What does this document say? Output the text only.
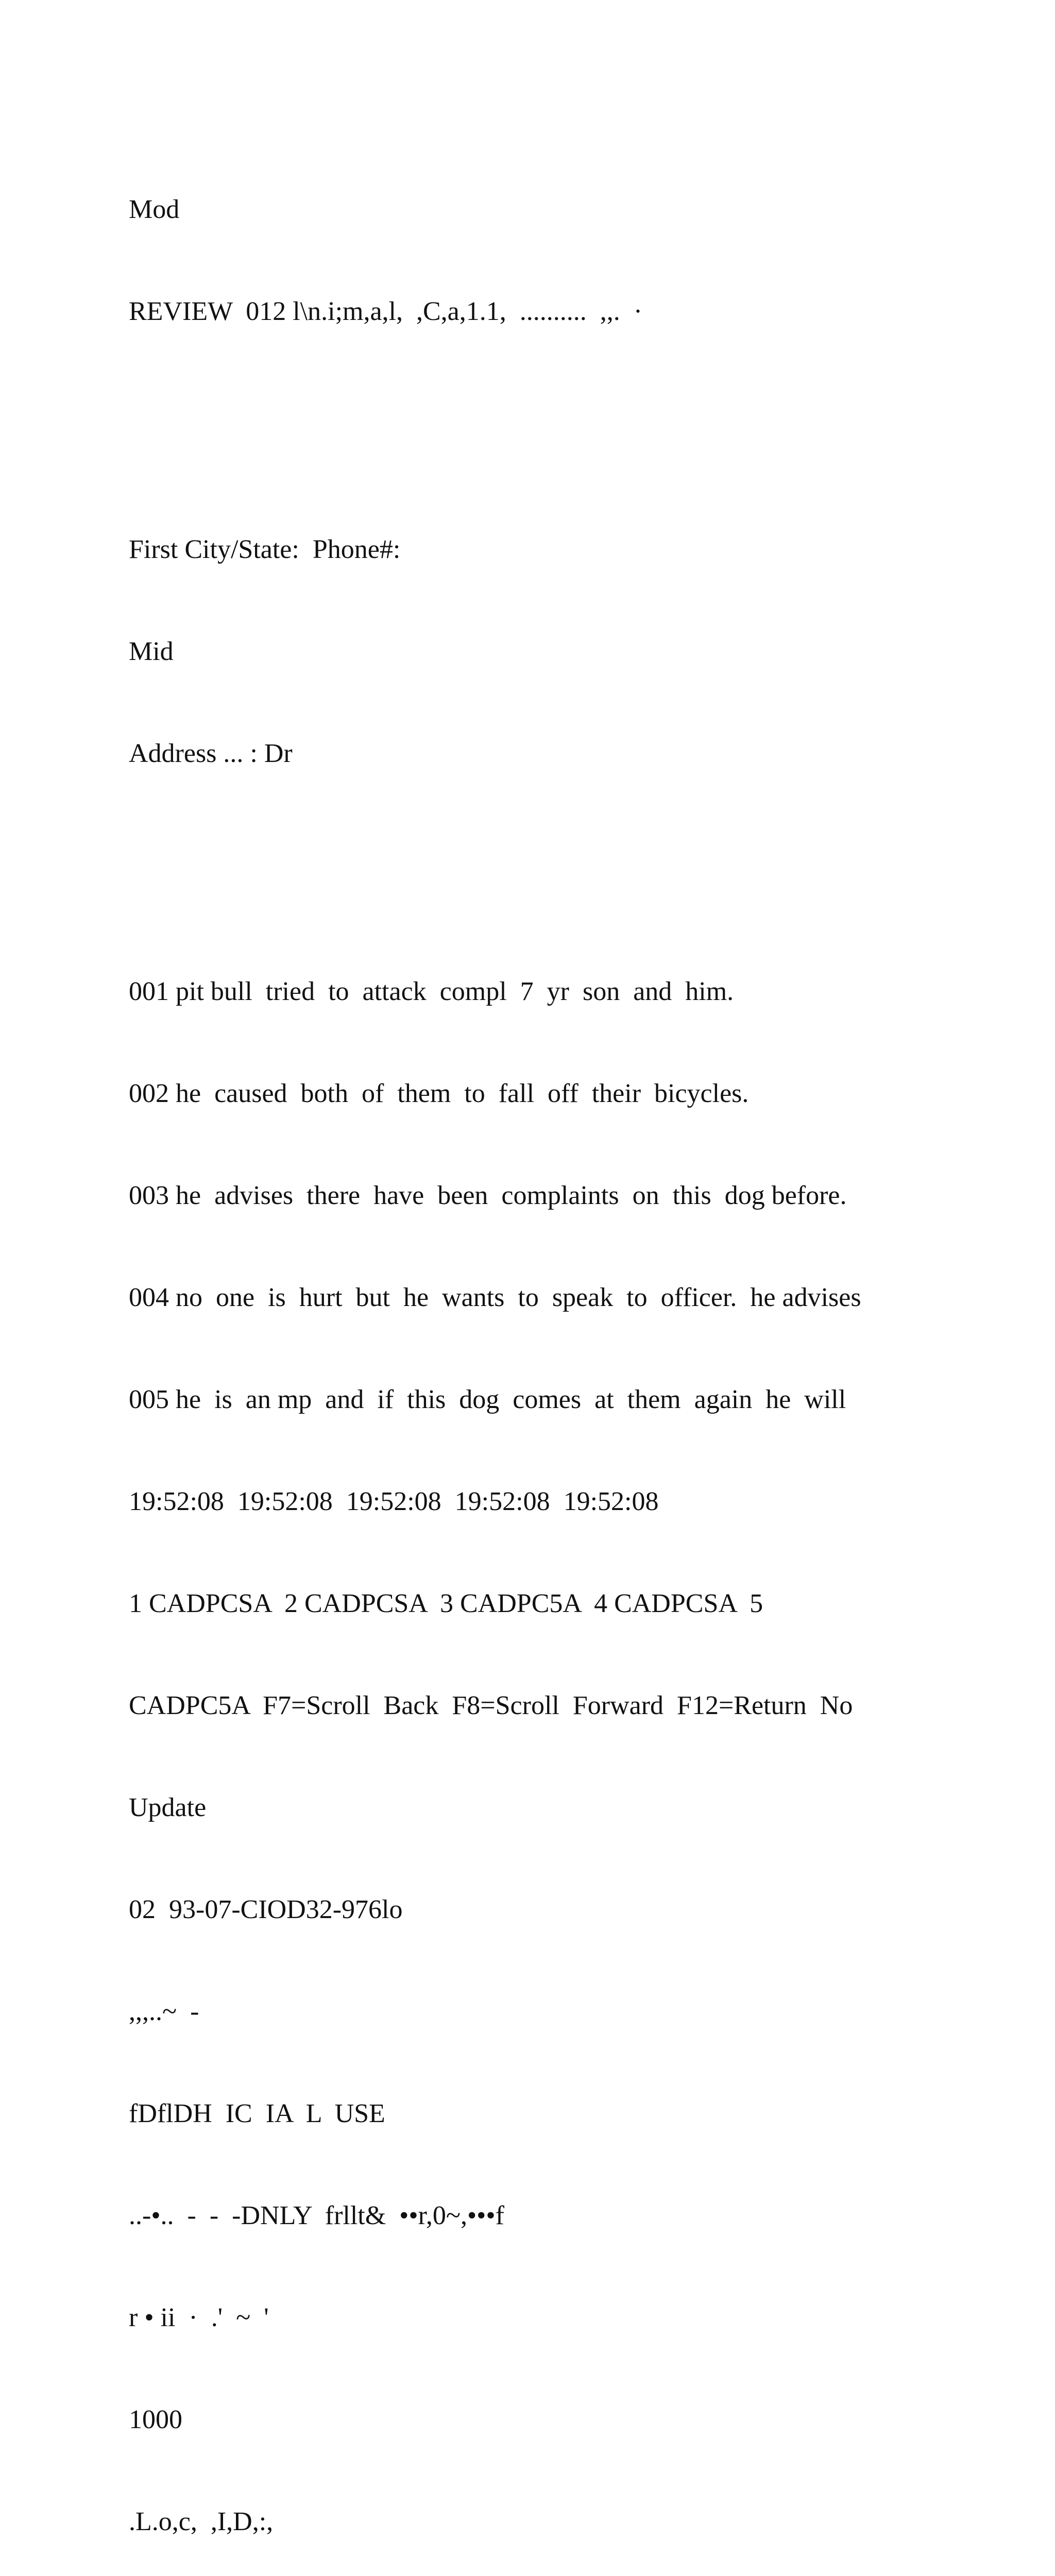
Mod

REVIEW  012 l\n.i;m,a,l,  ,C,a,1.1,  ..........  ,,.  ·

First City/State:  Phone#:

Mid

Address ... : Dr

001 pit bull  tried  to  attack  compl  7  yr  son  and  him.

002 he  caused  both  of  them  to  fall  off  their  bicycles.

003 he  advises  there  have  been  complaints  on  this  dog before.

004 no  one  is  hurt  but  he  wants  to  speak  to  officer.  he advises

005 he  is  an mp  and  if  this  dog  comes  at  them  again  he  will

19:52:08  19:52:08  19:52:08  19:52:08  19:52:08

1 CADPCSA  2 CADPCSA  3 CADPC5A  4 CADPCSA  5

CADPC5A  F7=Scroll  Back  F8=Scroll  Forward  F12=Return  No

Update

02  93-07-CIOD32-976lo

,,,..~  -

fDflDH  IC  IA  L  USE

..-•..  -  -  -DNLY  frllt&  ••r,0~,•••f

r • ii  ·  .'  ~  '

1000

.L.o,c,  ,I,D,:,
